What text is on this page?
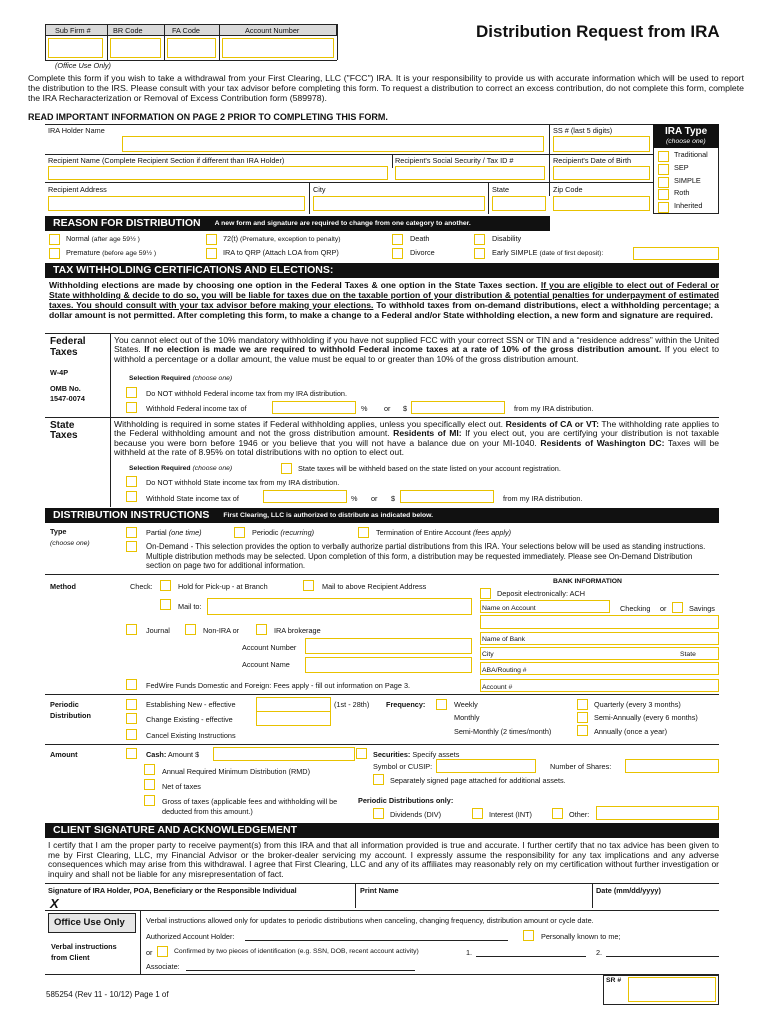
Sub Firm #	BR Code	FA Code	Account Number
(Office Use Only)
Distribution Request from IRA
Complete this form if you wish to take a withdrawal from your First Clearing, LLC ("FCC") IRA. It is your responsibility to provide us with accurate information which will be used to report the distribution to the IRS. Please consult with your tax advisor before completing this form. To request a distribution to correct an excess contribution, do not complete this form, complete the IRA Recharacterization or Removal of Excess Contribution form (589978).
READ IMPORTANT INFORMATION ON PAGE 2 PRIOR TO COMPLETING THIS FORM.
IRA Holder Name	SS # (last 5 digits)
Recipient Name (Complete Recipient Section if different than IRA Holder)	Recipient's Social Security / Tax ID #	Recipient's Date of Birth
Recipient Address	City	State	Zip Code
IRA Type
(choose one)
Traditional
SEP
SIMPLE
Roth
Inherited
REASON FOR DISTRIBUTION A new form and signature are required to change from one category to another.
Normal (after age 59½ )
Premature (before age 59½ )
72(t) (Premature, exception to penalty)
IRA to QRP (Attach LOA from QRP)
Death
Divorce
Disability
Early SIMPLE (date of first deposit):
TAX WITHHOLDING CERTIFICATIONS AND ELECTIONS:
Withholding elections are made by choosing one option in the Federal Taxes & one option in the State Taxes section. If you are eligible to elect out of Federal or State withholding & decide to do so, you will be liable for taxes due on the taxable portion of your distribution & potential penalties for underpayment of estimated taxes. You should consult with your tax advisor before making your elections. To withhold taxes from on-demand distributions, elect a withholding percentage; a dollar amount is not permitted. After completing this form, to make a change to a Federal and/or State withholding election, a new form and signature are required.
Federal
Taxes
W-4P
OMB No.
1547-0074
You cannot elect out of the 10% mandatory withholding if you have not supplied FCC with your correct SSN or TIN and a “residence address” within the United States. If no election is made we are required to withhold Federal income taxes at a rate of 10% of the gross distribution amount. If you elect to withhold a percentage or a dollar amount, the value must be equal to or greater than 10% of the gross distribution amount.
Selection Required (choose one)
Do NOT withhold Federal income tax from my IRA distribution.
Withhold Federal income tax of	% or $	from my IRA distribution.
State
Taxes
Withholding is required in some states if Federal withholding applies, unless you specifically elect out. Residents of CA or VT: The withholding rate applies to the Federal withholding amount and not the gross distribution amount. Residents of MI: If you elect out, you are certifying your distribution is not taxable because you were born before 1946 or you believe that you will not have a balance due on your MI-1040. Residents of Washington DC: Taxes will be withheld at the rate of 8.95% on total distributions with no option to elect out.
Selection Required (choose one)	State taxes will be withheld based on the state listed on your account registration.
Do NOT withhold State income tax from my IRA distribution.
Withhold State income tax of	% or $	from my IRA distribution.
DISTRIBUTION INSTRUCTIONS First Clearing, LLC is authorized to distribute as indicated below.
Type
(choose one)
Partial (one time)	Periodic (recurring)	Termination of Entire Account (fees apply)
On-Demand - This selection provides the option to verbally authorize partial distributions from this IRA. Your selections below will be used as standing instructions. Multiple distribution methods may be selected. Upon completion of this form, a distribution may be requested immediately. Please see On-Demand Distribution section on page two for additional information.
Method	Check:	Hold for Pick-up - at Branch	Mail to above Recipient Address
Mail to:
BANK INFORMATION
Deposit electronically: ACH
Name on Account	Checking or	Savings
Journal	Non-IRA or	IRA brokerage
Account Number
Account Name
Name of Bank
City	State
ABA/Routing #
Account #
FedWire Funds Domestic and Foreign: Fees apply - fill out information on Page 3.
Periodic
Distribution
Establishing New - effective	(1st - 28th) Frequency:	Weekly
Monthly
Semi-Monthly (2 times/month)
Quarterly (every 3 months)
Semi-Annually (every 6 months)
Annually (once a year)
Change Existing - effective
Cancel Existing Instructions
Amount	Cash: Amount $
Annual Required Minimum Distribution (RMD)
Net of taxes
Gross of taxes (applicable fees and withholding will be deducted from this amount.)
Securities: Specify assets
Symbol or CUSIP:	Number of Shares:
Separately signed page attached for additional assets.
Periodic Distributions only:
Dividends (DIV)	Interest (INT)	Other:
CLIENT SIGNATURE AND ACKNOWLEDGEMENT
I certify that I am the proper party to receive payment(s) from this IRA and that all information provided is true and accurate. I further certify that no tax advice has been given to me by First Clearing, LLC, my Financial Advisor or the broker-dealer servicing my account. I expressly assume the responsibility for any tax implications and any adverse consequences which may arise from this withdrawal. I agree that First Clearing, LLC and any of its affiliates may reasonably rely on my certification without further investigation or inquiry and shall not be liable for any misrepresentation of fact.
Signature of IRA Holder, POA, Beneficiary or the Responsible Individual	Print Name	Date (mm/dd/yyyy)
X
Office Use Only
Verbal instructions
from Client
Verbal instructions allowed only for updates to periodic distributions when canceling, changing frequency, distribution amount or cycle date.
Authorized Account Holder:	Personally known to me;
or	Confirmed by two pieces of identification (e.g. SSN, DOB, recent account activity)	1.	2.
Associate:
SR #
585254 (Rev 11 - 10/12) Page 1 of
